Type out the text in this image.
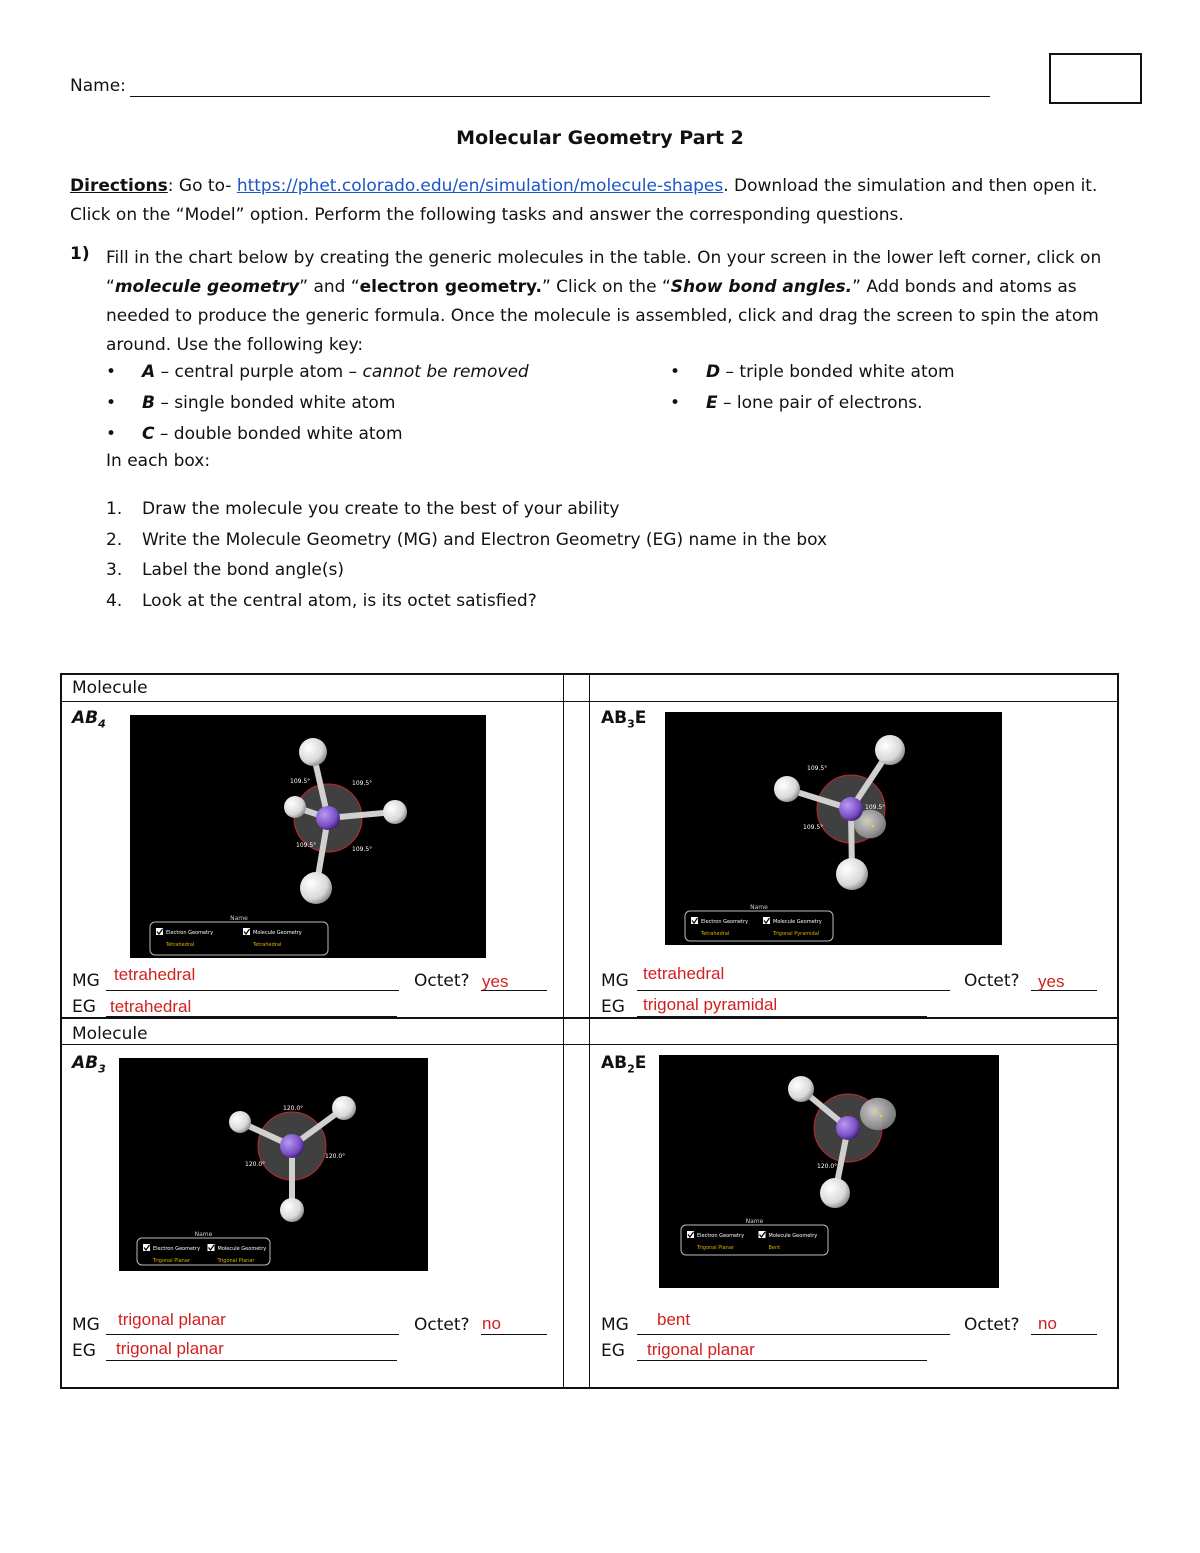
Name:
Molecular Geometry Part 2
Directions: Go to- https://phet.colorado.edu/en/simulation/molecule-shapes. Download the simulation and then open it. Click on the “Model” option. Perform the following tasks and answer the corresponding questions.
1) Fill in the chart below by creating the generic molecules in the table. On your screen in the lower left corner, click on “molecule geometry” and “electron geometry.” Click on the “Show bond angles.” Add bonds and atoms as needed to produce the generic formula. Once the molecule is assembled, click and drag the screen to spin the atom around. Use the following key:
• A – central purple atom – cannot be removed
• B – single bonded white atom
• C – double bonded white atom
• D – triple bonded white atom
• E – lone pair of electrons.
In each box:
1. Draw the molecule you create to the best of your ability
2. Write the Molecule Geometry (MG) and Electron Geometry (EG) name in the box
3. Label the bond angle(s)
4. Look at the central atom, is its octet satisfied?
Molecule
Molecule
$AB_4$
109.5°	109.5°
109.5°
109.5°
Name
Electron Geometry
Tetrahedral
Molecule Geometry
Tetrahedral
MG tetrahedral
EG tetrahedral
Octet? yes
$AB_3E$
109.5°
109.5°
109.5°
Name
Electron Geometry
Tetrahedral
Molecule Geometry
Trigonal Pyramidal
MG tetrahedral
EG trigonal pyramidal
Octet? yes
$AB_3$
120.0°
120.0°
120.0°
Name
Electron Geometry
Trigonal Planar
Molecule Geometry
Trigonal Planar
MG trigonal planar
EG trigonal planar
Octet? no
$AB_2E$
120.0°
Name
Electron Geometry
Trigonal Planar
Molecule Geometry
Bent
MG bent
EG trigonal planar
Octet? no
